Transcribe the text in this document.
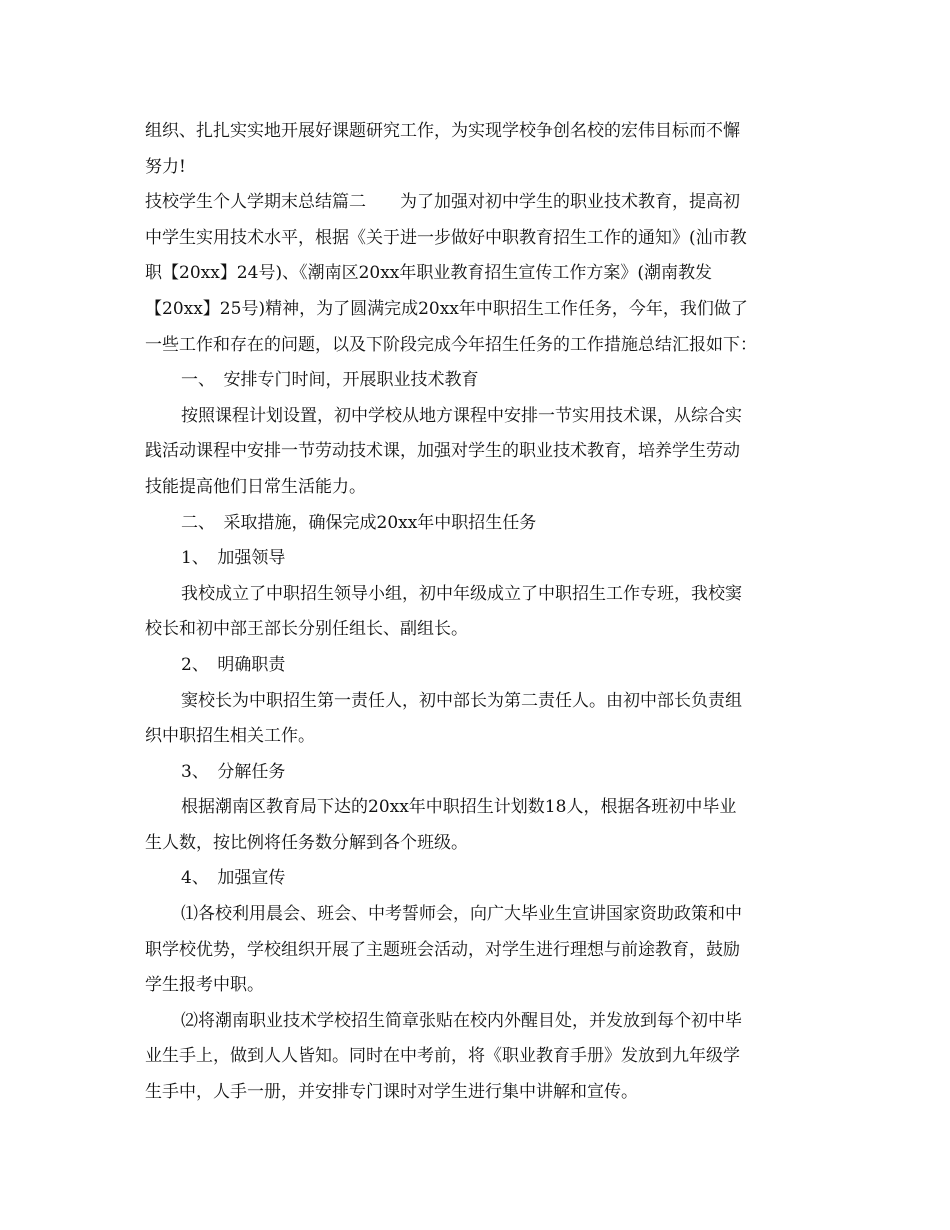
组织、扎扎实实地开展好课题研究工作，为实现学校争创名校的宏伟目标而不懈
努力!
技校学生个人学期末总结篇二　　为了加强对初中学生的职业技术教育，提高初
中学生实用技术水平，根据《关于进一步做好中职教育招生工作的通知》(汕市教
职【20xx】24号)、《潮南区20xx年职业教育招生宣传工作方案》(潮南教发
【20xx】25号)精神，为了圆满完成20xx年中职招生工作任务，今年，我们做了
一些工作和存在的问题，以及下阶段完成今年招生任务的工作措施总结汇报如下：
一、　安排专门时间，开展职业技术教育
按照课程计划设置，初中学校从地方课程中安排一节实用技术课，从综合实
践活动课程中安排一节劳动技术课，加强对学生的职业技术教育，培养学生劳动
技能提高他们日常生活能力。
二、　采取措施，确保完成20xx年中职招生任务
1、　加强领导
我校成立了中职招生领导小组，初中年级成立了中职招生工作专班，我校窦
校长和初中部王部长分别任组长、副组长。
2、　明确职责
窦校长为中职招生第一责任人，初中部长为第二责任人。由初中部长负责组
织中职招生相关工作。
3、　分解任务
根据潮南区教育局下达的20xx年中职招生计划数18人，根据各班初中毕业
生人数，按比例将任务数分解到各个班级。
4、　加强宣传
⑴各校利用晨会、班会、中考誓师会，向广大毕业生宣讲国家资助政策和中
职学校优势，学校组织开展了主题班会活动，对学生进行理想与前途教育，鼓励
学生报考中职。
⑵将潮南职业技术学校招生简章张贴在校内外醒目处，并发放到每个初中毕
业生手上，做到人人皆知。同时在中考前，将《职业教育手册》发放到九年级学
生手中，人手一册，并安排专门课时对学生进行集中讲解和宣传。
